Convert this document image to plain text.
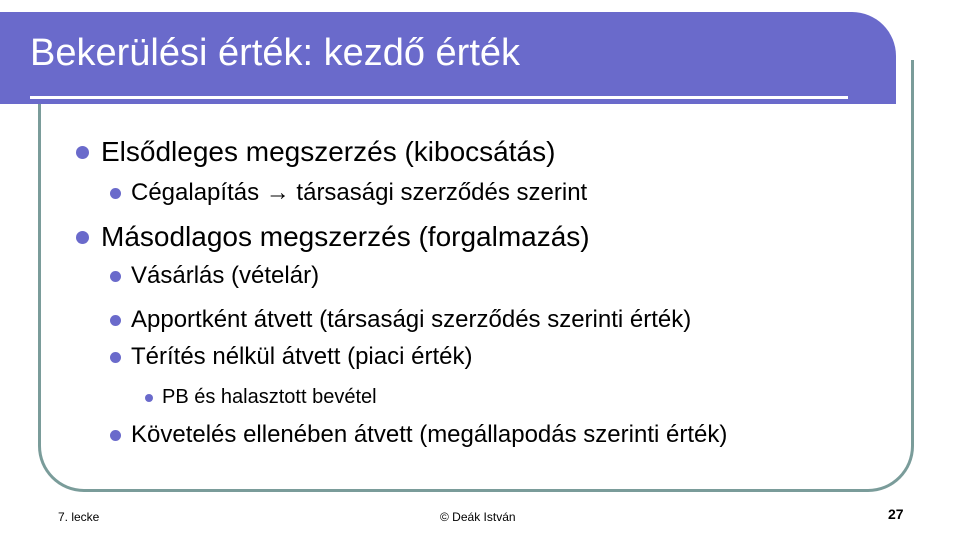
Bekerülési érték: kezdő érték
Elsődleges megszerzés (kibocsátás)
Cégalapítás → társasági szerződés szerint
Másodlagos megszerzés (forgalmazás)
Vásárlás (vételár)
Apportként átvett (társasági szerződés szerinti érték)
Térítés nélkül átvett (piaci érték)
PB és halasztott bevétel
Követelés ellenében átvett (megállapodás szerinti érték)
7. lecke	© Deák István	27
